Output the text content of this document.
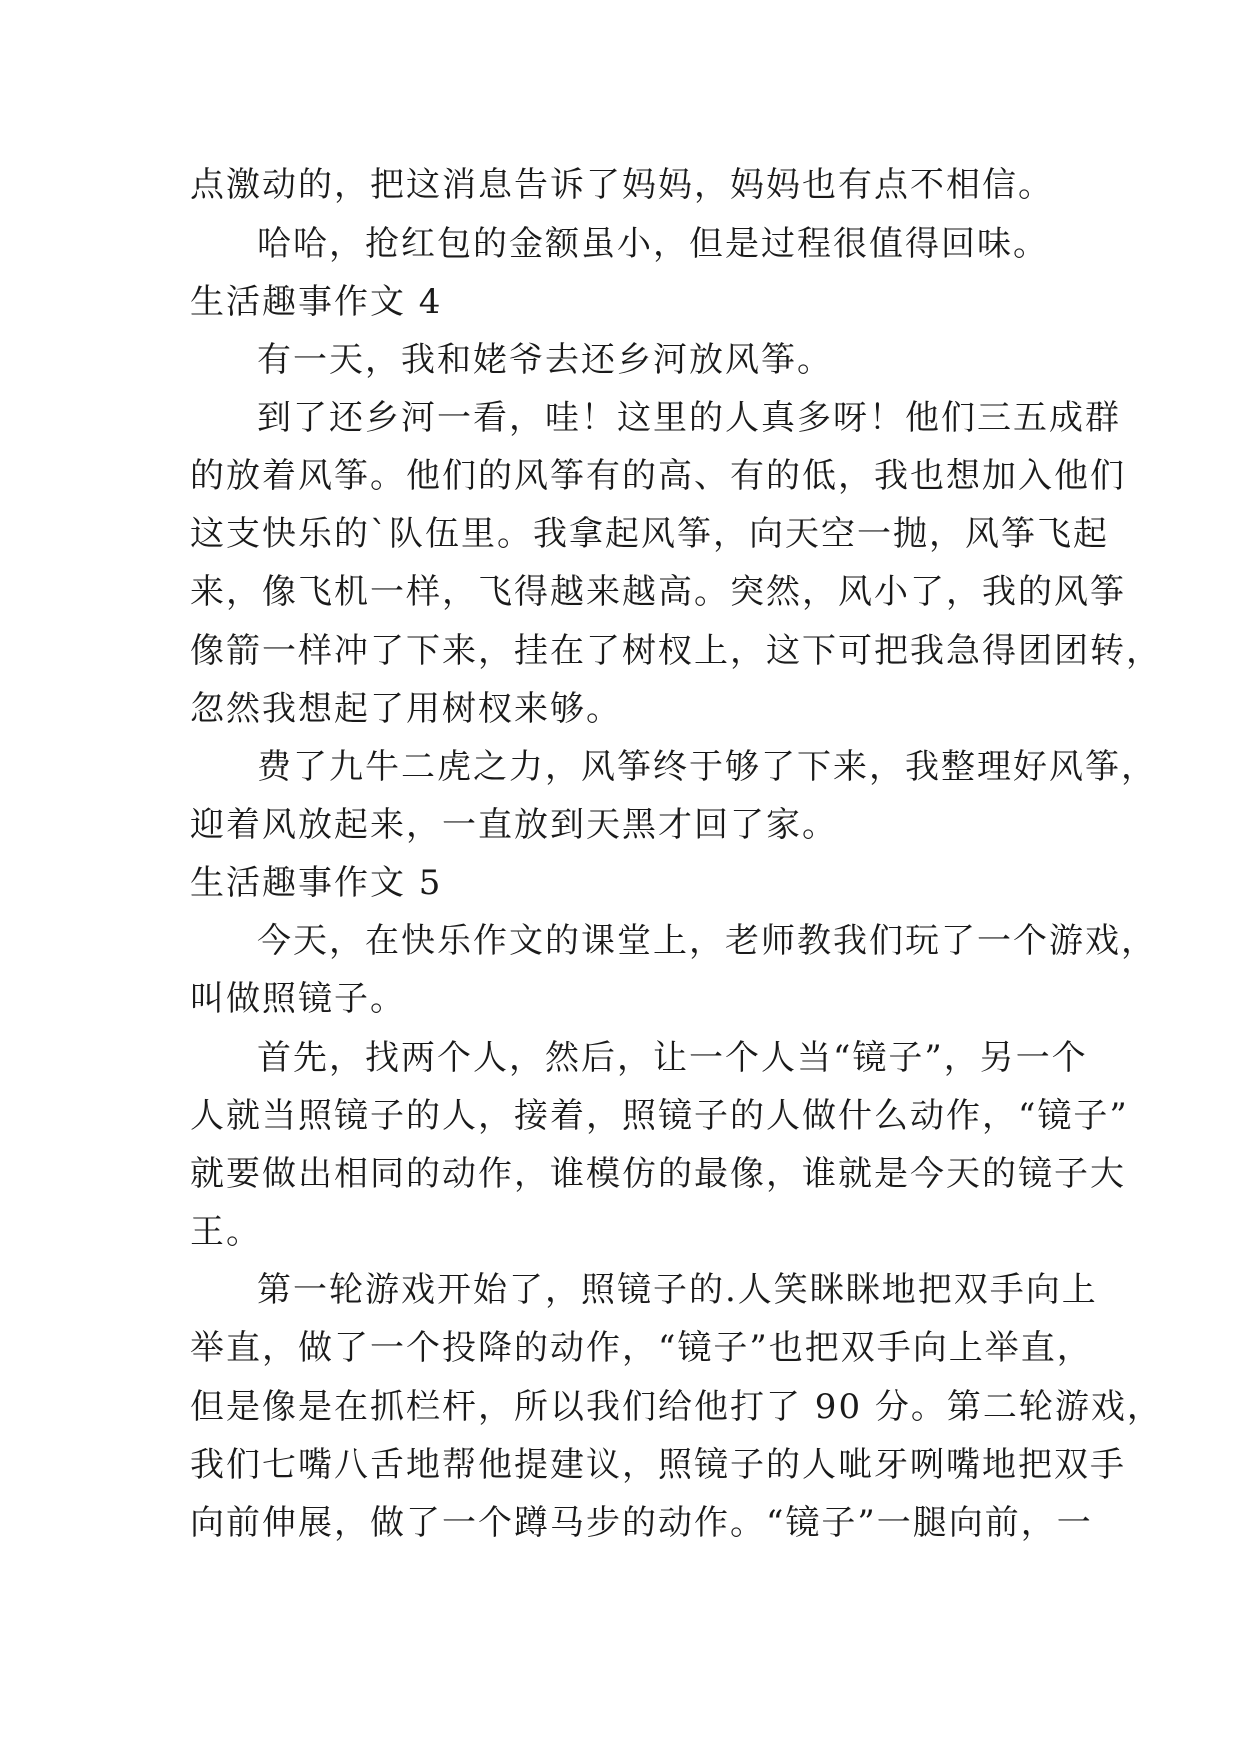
点激动的，把这消息告诉了妈妈，妈妈也有点不相信。
哈哈，抢红包的金额虽小，但是过程很值得回味。
生活趣事作文 4
有一天，我和姥爷去还乡河放风筝。
到了还乡河一看，哇！这里的人真多呀！他们三五成群
的放着风筝。他们的风筝有的高、有的低，我也想加入他们
这支快乐的`队伍里。我拿起风筝，向天空一抛，风筝飞起
来，像飞机一样，飞得越来越高。突然，风小了，我的风筝
像箭一样冲了下来，挂在了树杈上，这下可把我急得团团转，
忽然我想起了用树杈来够。
费了九牛二虎之力，风筝终于够了下来，我整理好风筝，
迎着风放起来，一直放到天黑才回了家。
生活趣事作文 5
今天，在快乐作文的课堂上，老师教我们玩了一个游戏，
叫做照镜子。
首先，找两个人，然后，让一个人当“镜子”，另一个
人就当照镜子的人，接着，照镜子的人做什么动作，“镜子”
就要做出相同的动作，谁模仿的最像，谁就是今天的镜子大
王。
第一轮游戏开始了，照镜子的.人笑眯眯地把双手向上
举直，做了一个投降的动作，“镜子”也把双手向上举直，
但是像是在抓栏杆，所以我们给他打了 90 分。第二轮游戏，
我们七嘴八舌地帮他提建议，照镜子的人呲牙咧嘴地把双手
向前伸展，做了一个蹲马步的动作。“镜子”一腿向前，一
